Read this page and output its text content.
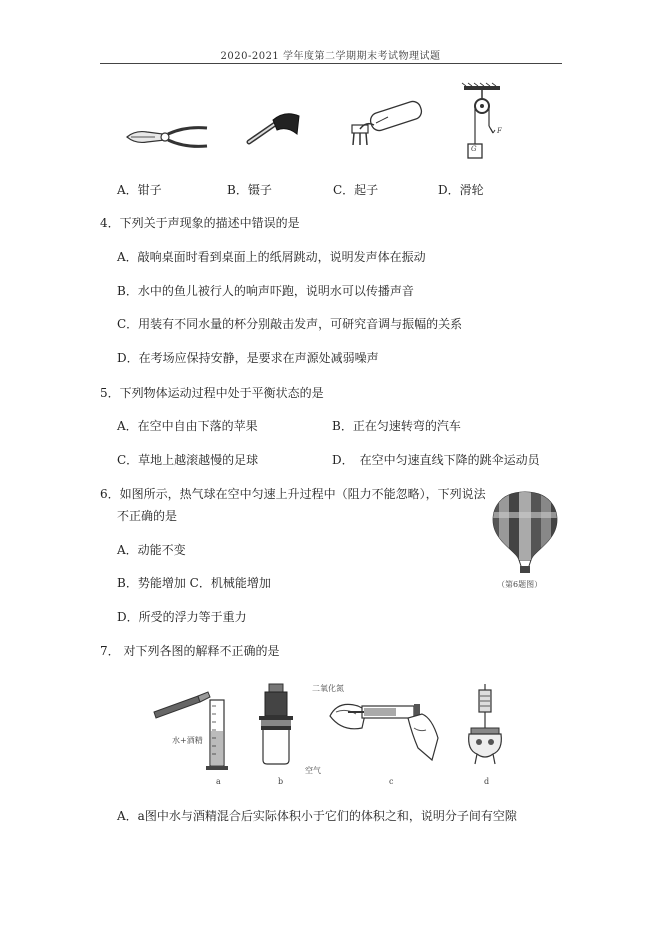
2020-2021 学年度第二学期期末考试物理试题
F
G
A．钳子	B．镊子	C．起子	D．滑轮
4．下列关于声现象的描述中错误的是
A．敲响桌面时看到桌面上的纸屑跳动，说明发声体在振动
B．水中的鱼儿被行人的响声吓跑，说明水可以传播声音
C．用装有不同水量的杯分别敲击发声，可研究音调与振幅的关系
D．在考场应保持安静，是要求在声源处减弱噪声
5．下列物体运动过程中处于平衡状态的是
A．在空中自由下落的苹果	B．正在匀速转弯的汽车
C．草地上越滚越慢的足球	D．　在空中匀速直线下降的跳伞运动员
6．如图所示，热气球在空中匀速上升过程中（阻力不能忽略），下列说法
不正确的是
A．动能不变
B．势能增加 C．机械能增加
D．所受的浮力等于重力
（第6题图）
7． 对下列各图的解释不正确的是
水+酒精
二氧化氮
空气
a	b	c	d
A．a图中水与酒精混合后实际体积小于它们的体积之和，说明分子间有空隙
